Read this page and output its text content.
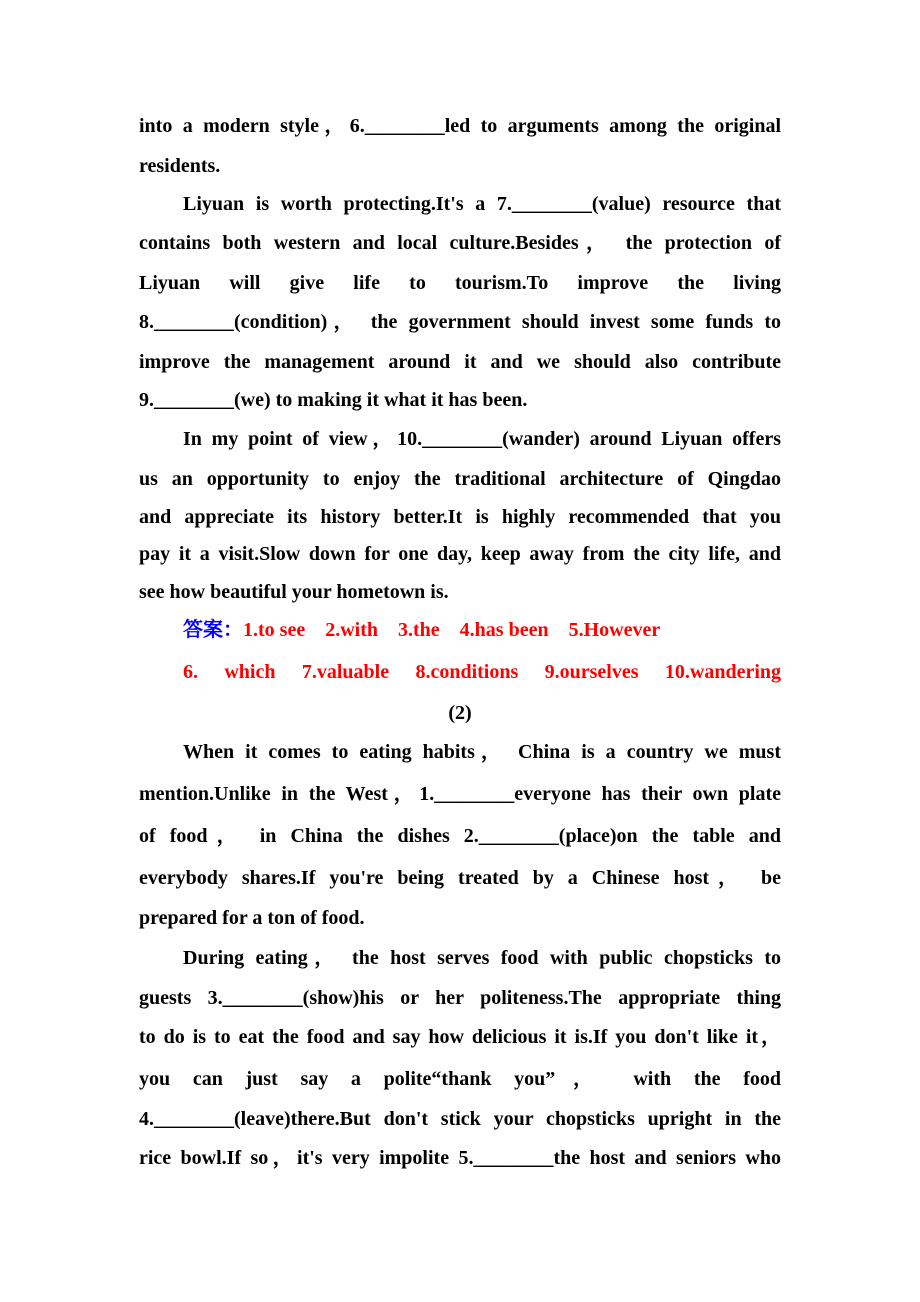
into a modern style，6.________led to arguments among the original
residents.
Liyuan is worth protecting.It's a 7.________(value) resource that
contains both western and local culture.Besides， the protection of
Liyuan will give life to tourism.To improve the living
8.________(condition)， the government should invest some funds to
improve the management around it and we should also contribute
9.________(we) to making it what it has been.
In my point of view，10.________(wander) around Liyuan offers
us an opportunity to enjoy the traditional architecture of Qingdao
and appreciate its history better.It is highly recommended that you
pay it a visit.Slow down for one day, keep away from the city life, and
see how beautiful your hometown is.
答案：1.to see 2.with 3.the 4.has been 5.However
6. which 7.valuable 8.conditions 9.ourselves 10.wandering
(2)
When it comes to eating habits， China is a country we must
mention.Unlike in the West，1.________everyone has their own plate
of food， in China the dishes 2.________(place)on the table and
everybody shares.If you're being treated by a Chinese host， be
prepared for a ton of food.
During eating， the host serves food with public chopsticks to
guests 3.________(show)his or her politeness.The appropriate thing
to do is to eat the food and say how delicious it is.If you don't like it，
you can just say a polite“thank you”， with the food
4.________(leave)there.But don't stick your chopsticks upright in the
rice bowl.If so，it's very impolite 5.________the host and seniors who
